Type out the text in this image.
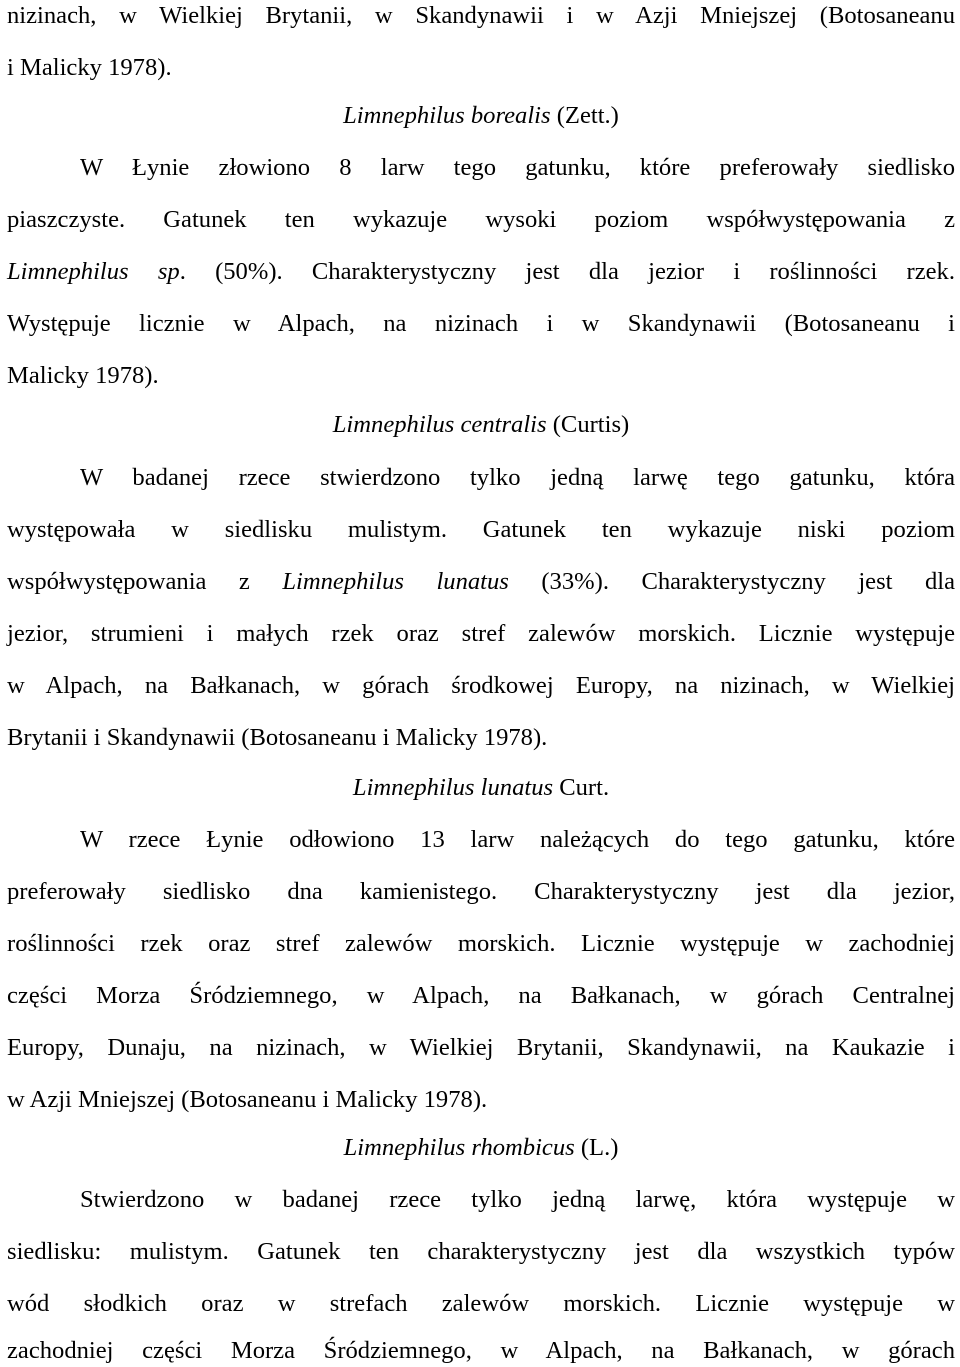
nizinach, w Wielkiej Brytanii, w Skandynawii i w Azji Mniejszej (Botosaneanu
i Malicky 1978).
Limnephilus borealis (Zett.)
W Łynie złowiono 8 larw tego gatunku, które preferowały siedlisko
piaszczyste. Gatunek ten wykazuje wysoki poziom współwystępowania z
Limnephilus sp. (50%). Charakterystyczny jest dla jezior i roślinności rzek.
Występuje licznie w Alpach, na nizinach i w Skandynawii (Botosaneanu i
Malicky 1978).
Limnephilus centralis (Curtis)
W badanej rzece stwierdzono tylko jedną larwę tego gatunku, która
występowała w siedlisku mulistym. Gatunek ten wykazuje niski poziom
współwystępowania z Limnephilus lunatus (33%). Charakterystyczny jest dla
jezior, strumieni i małych rzek oraz stref zalewów morskich. Licznie występuje
w Alpach, na Bałkanach, w górach środkowej Europy, na nizinach, w Wielkiej
Brytanii i Skandynawii (Botosaneanu i Malicky 1978).
Limnephilus lunatus Curt.
W rzece Łynie odłowiono 13 larw należących do tego gatunku, które
preferowały siedlisko dna kamienistego. Charakterystyczny jest dla jezior,
roślinności rzek oraz stref zalewów morskich. Licznie występuje w zachodniej
części Morza Śródziemnego, w Alpach, na Bałkanach, w górach Centralnej
Europy, Dunaju, na nizinach, w Wielkiej Brytanii, Skandynawii, na Kaukazie i
w Azji Mniejszej (Botosaneanu i Malicky 1978).
Limnephilus rhombicus (L.)
Stwierdzono w badanej rzece tylko jedną larwę, która występuje w
siedlisku: mulistym. Gatunek ten charakterystyczny jest dla wszystkich typów
wód słodkich oraz w strefach zalewów morskich. Licznie występuje w
zachodniej części Morza Śródziemnego, w Alpach, na Bałkanach, w górach
